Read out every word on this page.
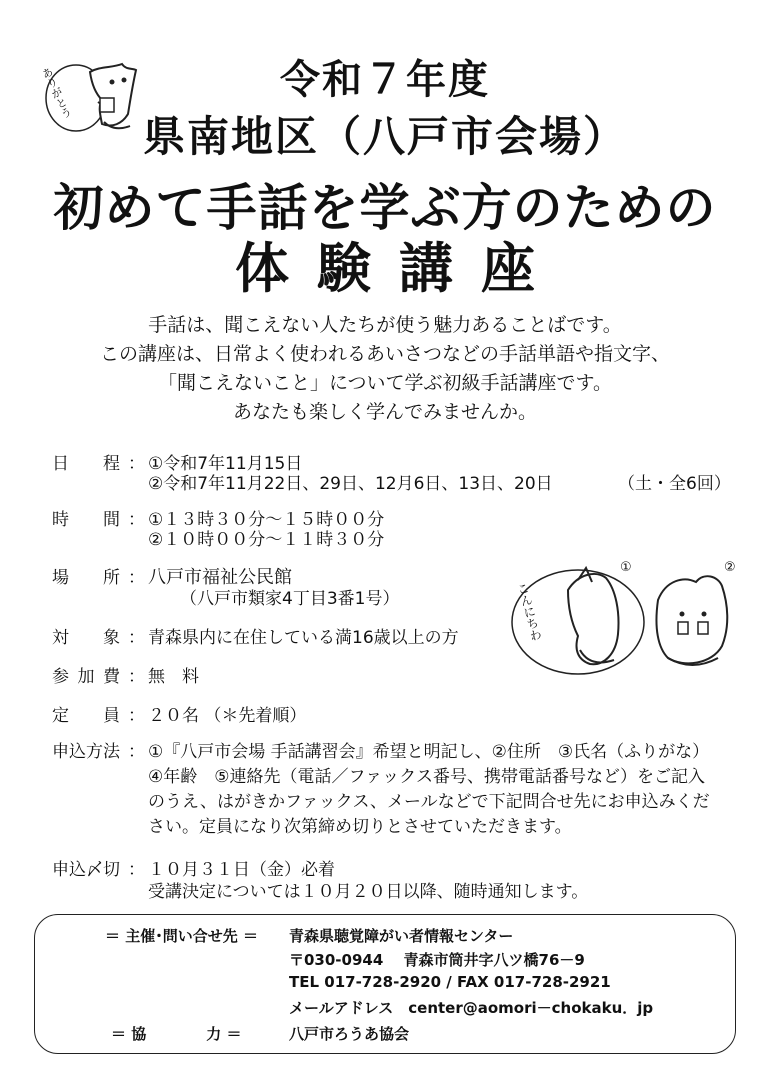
ありがとう	令和７年度
県南地区（八戸市会場）
初めて手話を学ぶ方のための
体験講座
手話は、聞こえない人たちが使う魅力あることばです。
この講座は、日常よく使われるあいさつなどの手話単語や指文字、
「聞こえないこと」について学ぶ初級手話講座です。
あなたも楽しく学んでみませんか。
日　程 ： ①令和7年11月15日
②令和7年11月22日、29日、12月6日、13日、20日	（土・全6回）
時　間 ： ①１３時３０分～１５時００分
②１０時００分～１１時３０分
場　所 ： 八戸市福祉公民館
（八戸市類家4丁目3番1号）
対　象 ： 青森県内に在住している満16歳以上の方
参加費 ： 無　料
定　員 ： ２０名 （＊先着順）
こんにちわ
①	②
申込方法 ： ①『八戸市会場 手話講習会』希望と明記し、②住所　③氏名（ふりがな）
④年齢　⑤連絡先（電話／ファックス番号、携帯電話番号など）をご記入
のうえ、はがきかファックス、メールなどで下記問合せ先にお申込みくだ
さい。定員になり次第締め切りとさせていただきます。
申込〆切 ： １０月３１日（金）必着
受講決定については１０月２０日以降、随時通知します。
＝ 主催･問い合せ先 ＝ 青森県聴覚障がい者情報センター
〒030-0944　 青森市筒井字八ツ橋76－9
TEL 017-728-2920 / FAX 017-728-2921
メールアドレス　center@aomori－chokaku．jp
＝ 協　　　　力 ＝	八戸市ろうあ協会
